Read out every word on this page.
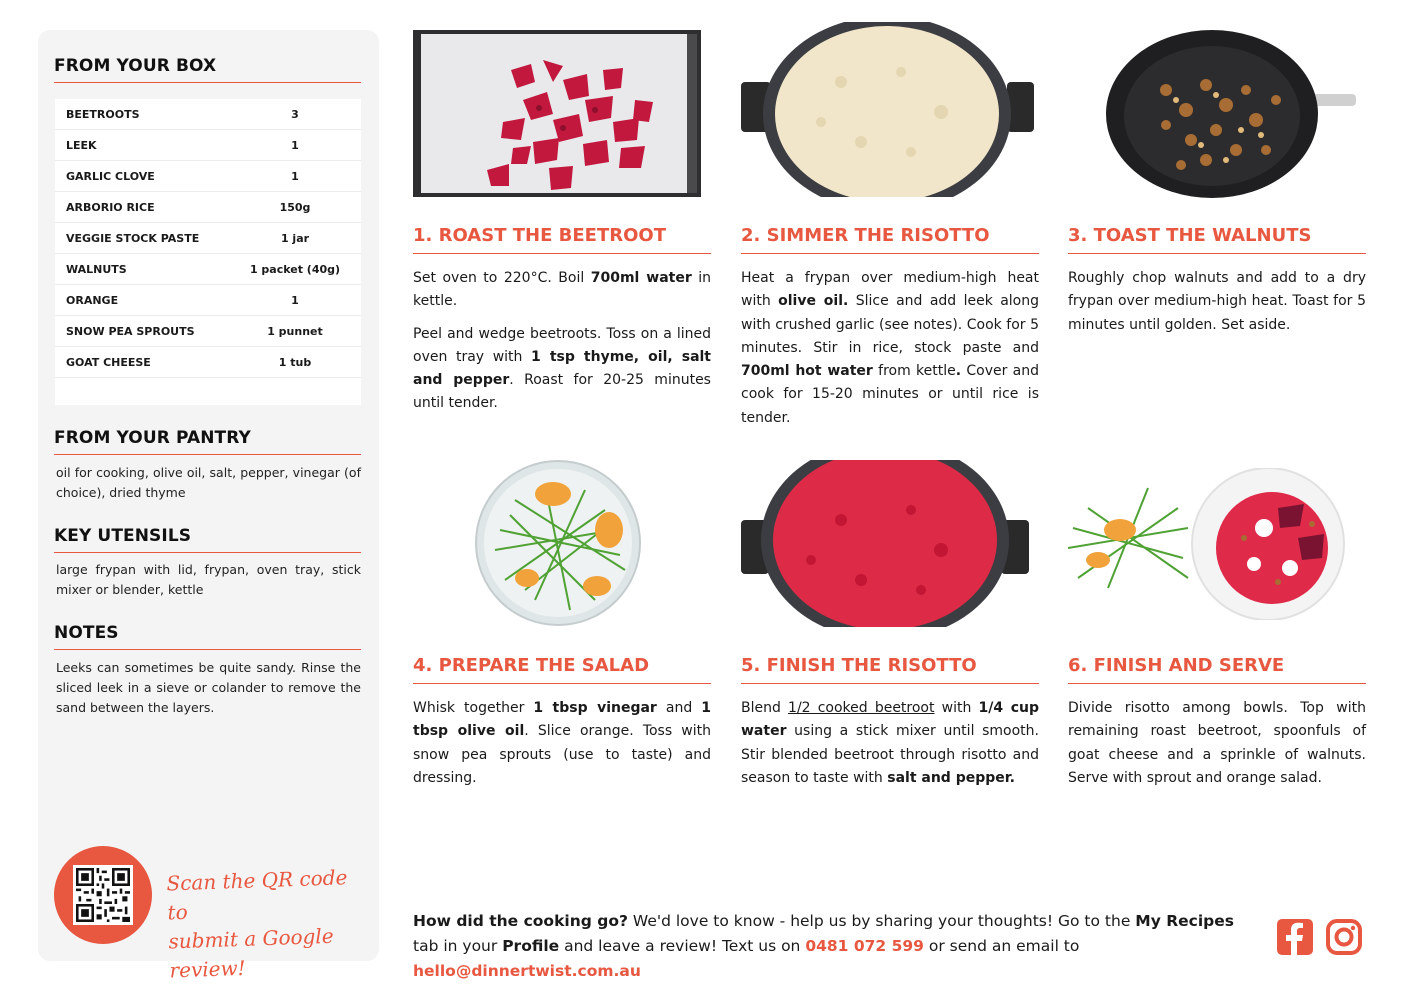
FROM YOUR BOX
BEETROOTS	3
LEEK	1
GARLIC CLOVE	1
ARBORIO RICE	150g
VEGGIE STOCK PASTE	1 jar
WALNUTS	1 packet (40g)
ORANGE	1
SNOW PEA SPROUTS	1 punnet
GOAT CHEESE	1 tub
FROM YOUR PANTRY
oil for cooking, olive oil, salt, pepper, vinegar (of choice), dried thyme
KEY UTENSILS
large frypan with lid, frypan, oven tray, stick mixer or blender, kettle
NOTES
Leeks can sometimes be quite sandy. Rinse the sliced leek in a sieve or colander to remove the sand between the layers.
Scan the QR code to
submit a Google review!
1. ROAST THE BEETROOT

Set oven to 220°C. Boil 700ml water in kettle.

Peel and wedge beetroots. Toss on a lined oven tray with 1 tsp thyme, oil, salt and pepper. Roast for 20-25 minutes until tender.

2. SIMMER THE RISOTTO

Heat a frypan over medium-high heat with olive oil. Slice and add leek along with crushed garlic (see notes). Cook for 5 minutes. Stir in rice, stock paste and 700ml hot water from kettle. Cover and cook for 15-20 minutes or until rice is tender.

3. TOAST THE WALNUTS

Roughly chop walnuts and add to a dry frypan over medium-high heat. Toast for 5 minutes until golden. Set aside.

4. PREPARE THE SALAD

Whisk together 1 tbsp vinegar and 1 tbsp olive oil. Slice orange. Toss with snow pea sprouts (use to taste) and dressing.

5. FINISH THE RISOTTO

Blend 1/2 cooked beetroot with 1/4 cup water using a stick mixer until smooth. Stir blended beetroot through risotto and season to taste with salt and pepper.

6. FINISH AND SERVE

Divide risotto among bowls. Top with remaining roast beetroot, spoonfuls of goat cheese and a sprinkle of walnuts. Serve with sprout and orange salad.

How did the cooking go? We'd love to know - help us by sharing your thoughts! Go to the My Recipes tab in your Profile and leave a review! Text us on 0481 072 599 or send an email to hello@dinnertwist.com.au
